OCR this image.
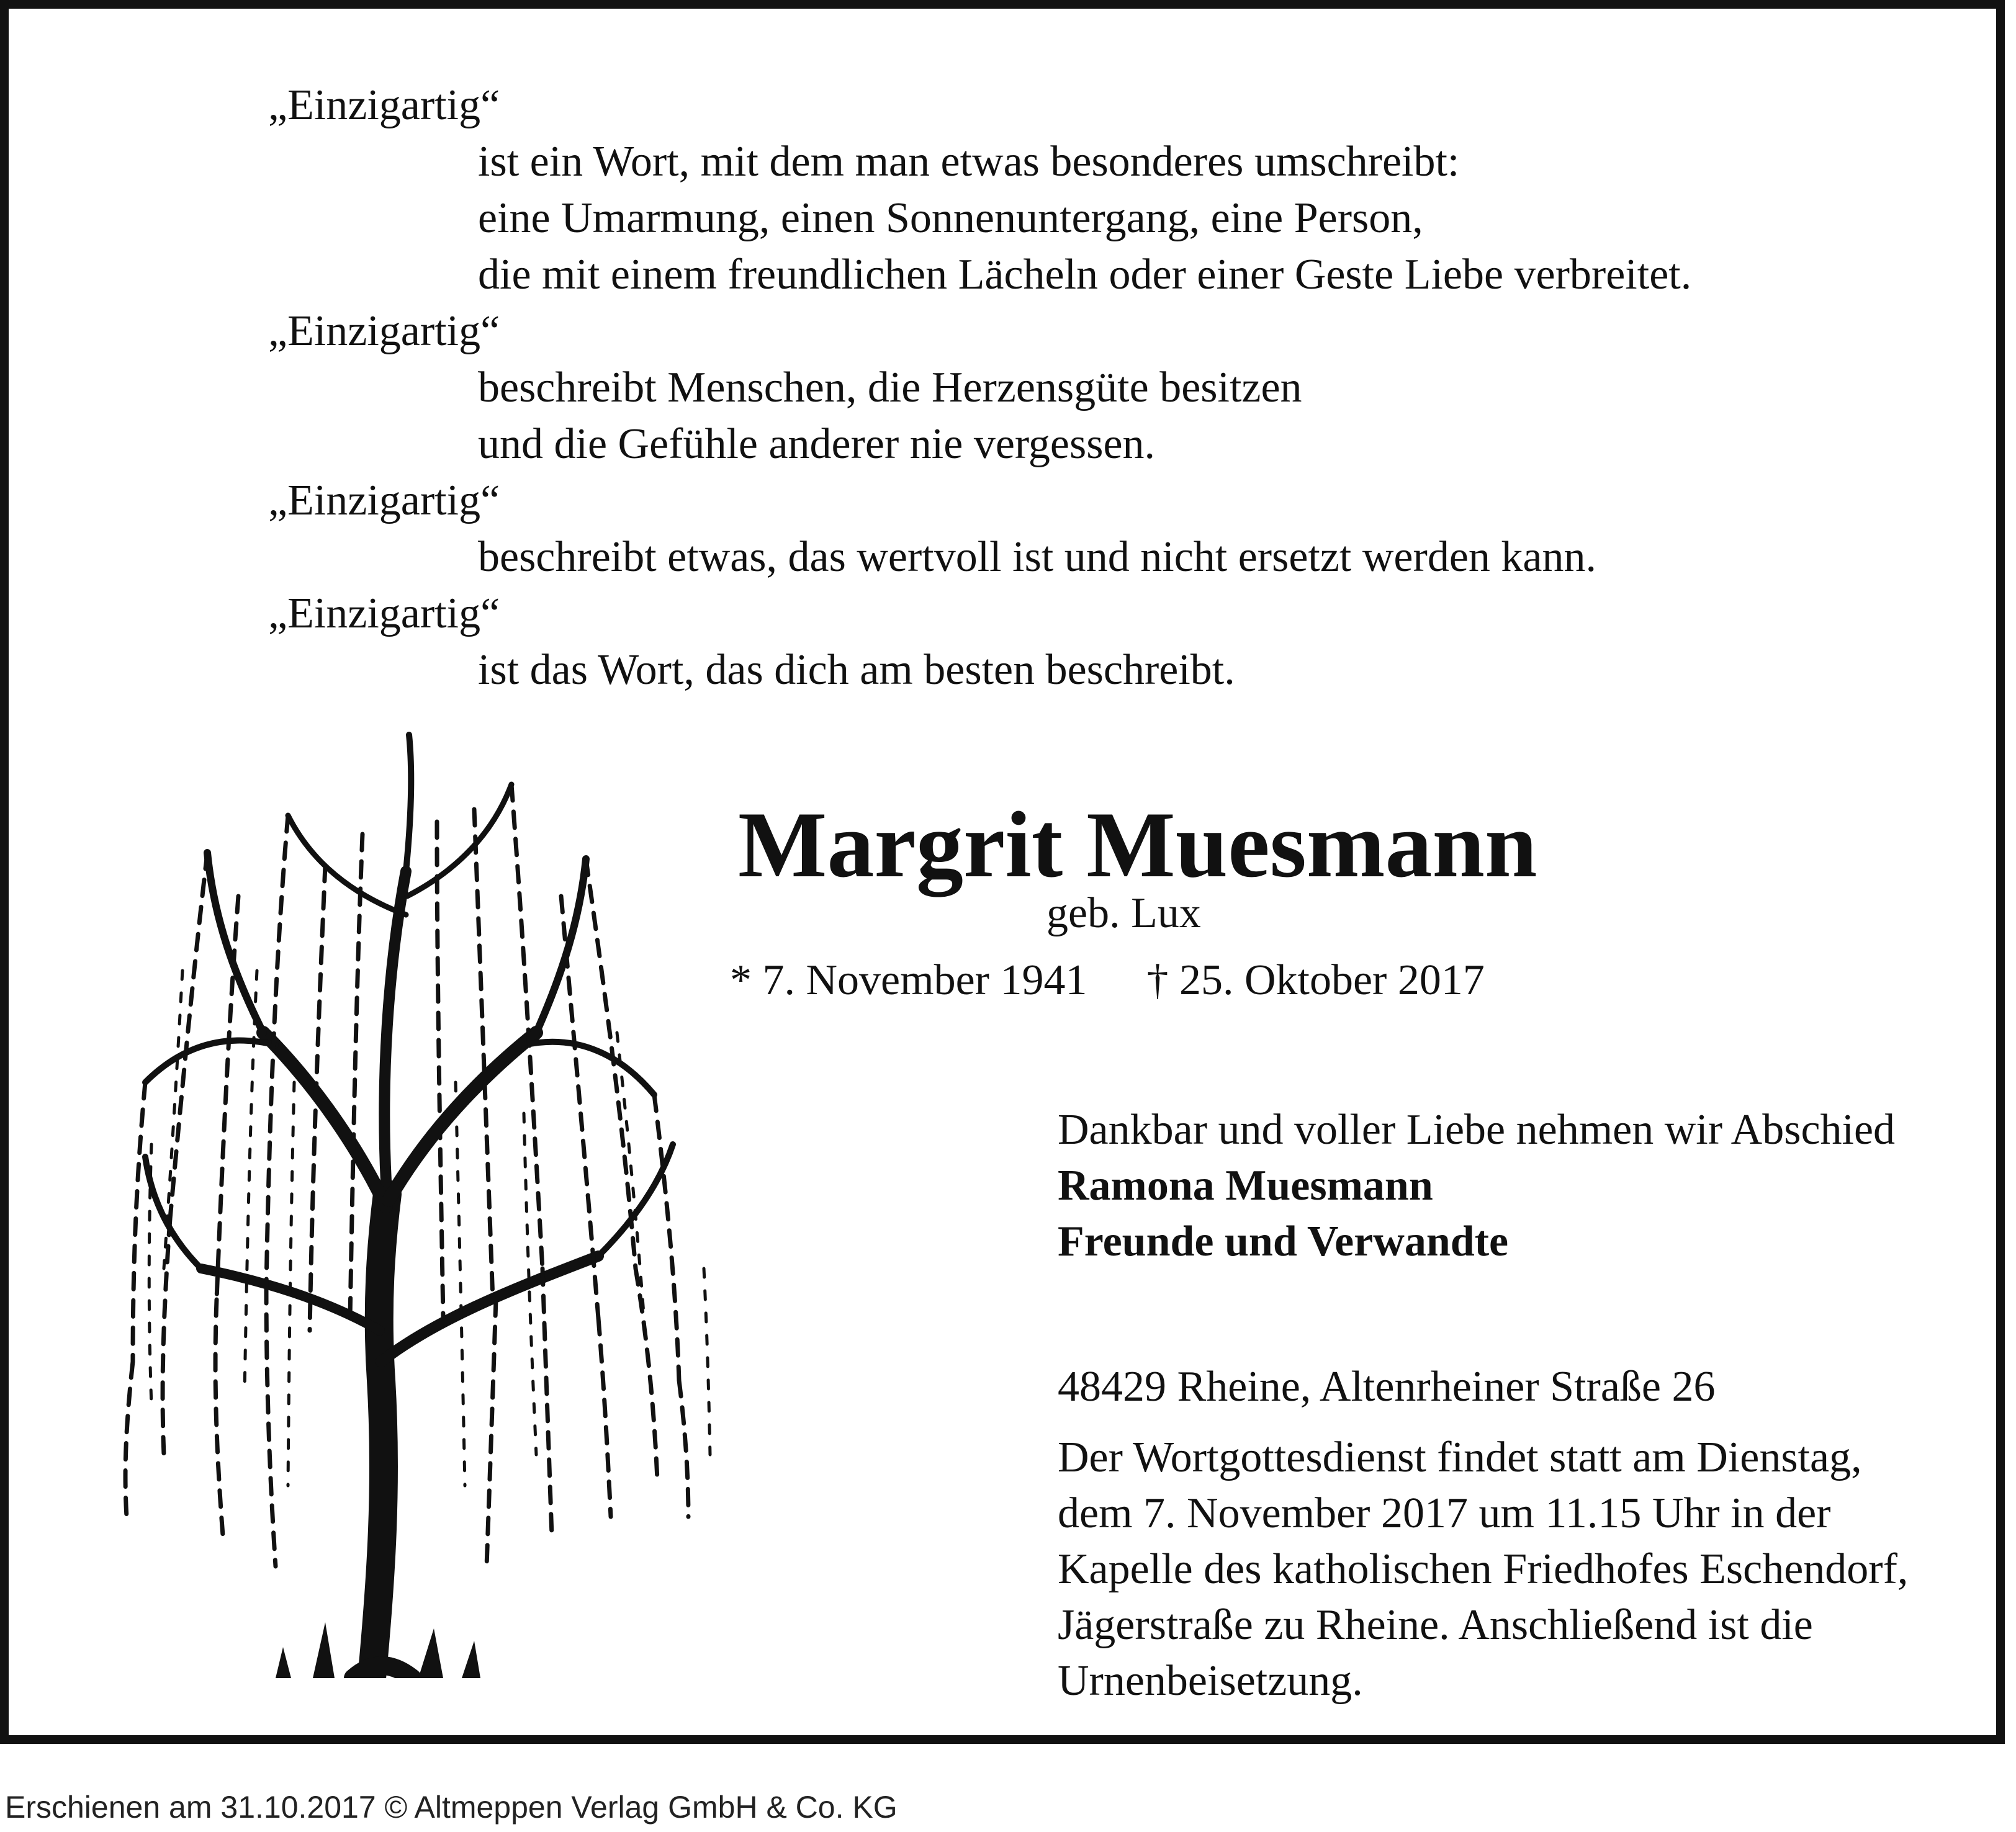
„Einzigartig“
ist ein Wort, mit dem man etwas besonderes umschreibt:
eine Umarmung, einen Sonnenuntergang, eine Person,
die mit einem freundlichen Lächeln oder einer Geste Liebe verbreitet.
„Einzigartig“
beschreibt Menschen, die Herzensgüte besitzen
und die Gefühle anderer nie vergessen.
„Einzigartig“
beschreibt etwas, das wertvoll ist und nicht ersetzt werden kann.
„Einzigartig“
ist das Wort, das dich am besten beschreibt.
Margrit Muesmann
geb. Lux
* 7. November 1941 † 25. Oktober 2017
Dankbar und voller Liebe nehmen wir Abschied
Ramona Muesmann
Freunde und Verwandte
48429 Rheine, Altenrheiner Straße 26
Der Wortgottesdienst findet statt am Dienstag,
dem 7. November 2017 um 11.15 Uhr in der
Kapelle des katholischen Friedhofes Eschendorf,
Jägerstraße zu Rheine. Anschließend ist die
Urnenbeisetzung.
Erschienen am 31.10.2017 © Altmeppen Verlag GmbH & Co. KG
